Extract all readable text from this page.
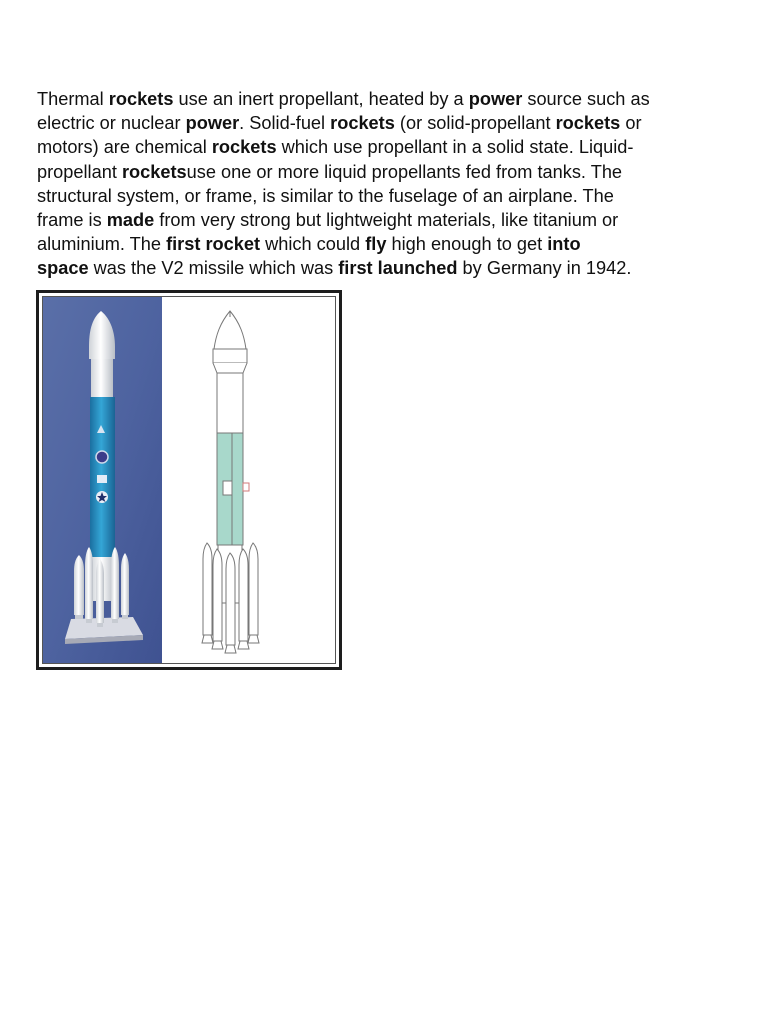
Thermal rockets use an inert propellant, heated by a power source such as
electric or nuclear power. Solid-fuel rockets (or solid-propellant rockets or
motors) are chemical rockets which use propellant in a solid state. Liquid-
propellant rocketsuse one or more liquid propellants fed from tanks. The
structural system, or frame, is similar to the fuselage of an airplane. The
frame is made from very strong but lightweight materials, like titanium or
aluminium. The first rocket which could fly high enough to get into
space was the V2 missile which was first launched by Germany in 1942.
